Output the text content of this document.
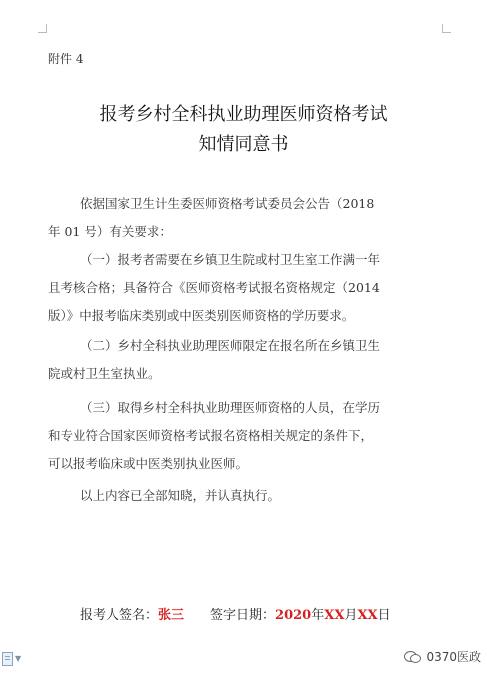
附件 4
报考乡村全科执业助理医师资格考试
知情同意书
依据国家卫生计生委医师资格考试委员会公告（2018
年 01 号）有关要求：
（一）报考者需要在乡镇卫生院或村卫生室工作满一年
且考核合格；具备符合《医师资格考试报名资格规定（2014
版）》中报考临床类别或中医类别医师资格的学历要求。
（二）乡村全科执业助理医师限定在报名所在乡镇卫生
院或村卫生室执业。
（三）取得乡村全科执业助理医师资格的人员，在学历
和专业符合国家医师资格考试报名资格相关规定的条件下，
可以报考临床或中医类别执业医师。
以上内容已全部知晓，并认真执行。
报考人签名：张三 签字日期：2020年XX月XX日
▼	0370医政
